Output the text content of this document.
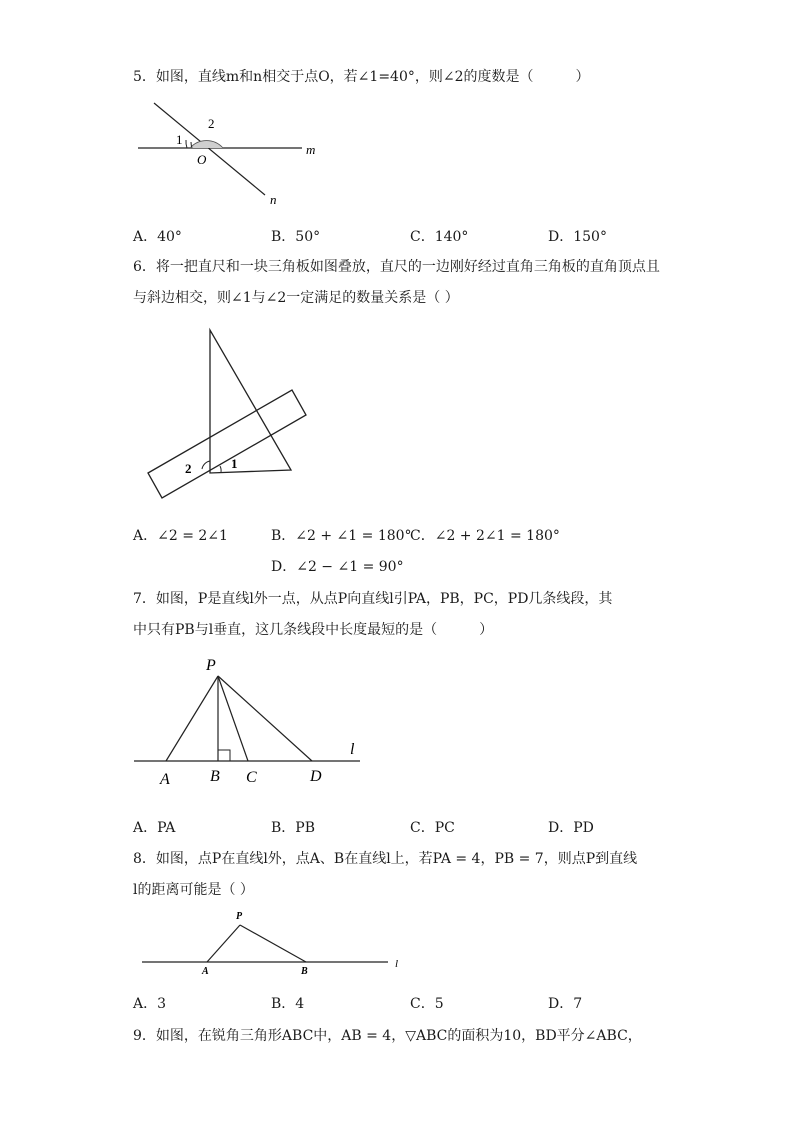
5．如图，直线m和n相交于点O，若∠1=40°，则∠2的度数是（　　　）
1
2
O
m
n
A．40°	B．50°	C．140°	D．150°
6．将一把直尺和一块三角板如图叠放，直尺的一边刚好经过直角三角板的直角顶点且
与斜边相交，则∠1与∠2一定满足的数量关系是（ ）
2	1
A．∠2 = 2∠1	B．∠2 + ∠1 = 180°
C．∠2 + 2∠1 = 180°
D．∠2 − ∠1 = 90°
7．如图，P是直线l外一点，从点P向直线l引PA，PB，PC，PD几条线段，其
中只有PB与l垂直，这几条线段中长度最短的是（　　　）
P
A	B C	D
l
A．PA	B．PB	C．PC	D．PD
8．如图，点P在直线l外，点A、B在直线l上，若PA = 4，PB = 7，则点P到直线
l的距离可能是（ ）
P
A	B
l
A．3	B．4	C．5	D．7
9．如图，在锐角三角形ABC中，AB = 4，▽ABC的面积为10，BD平分∠ABC，
